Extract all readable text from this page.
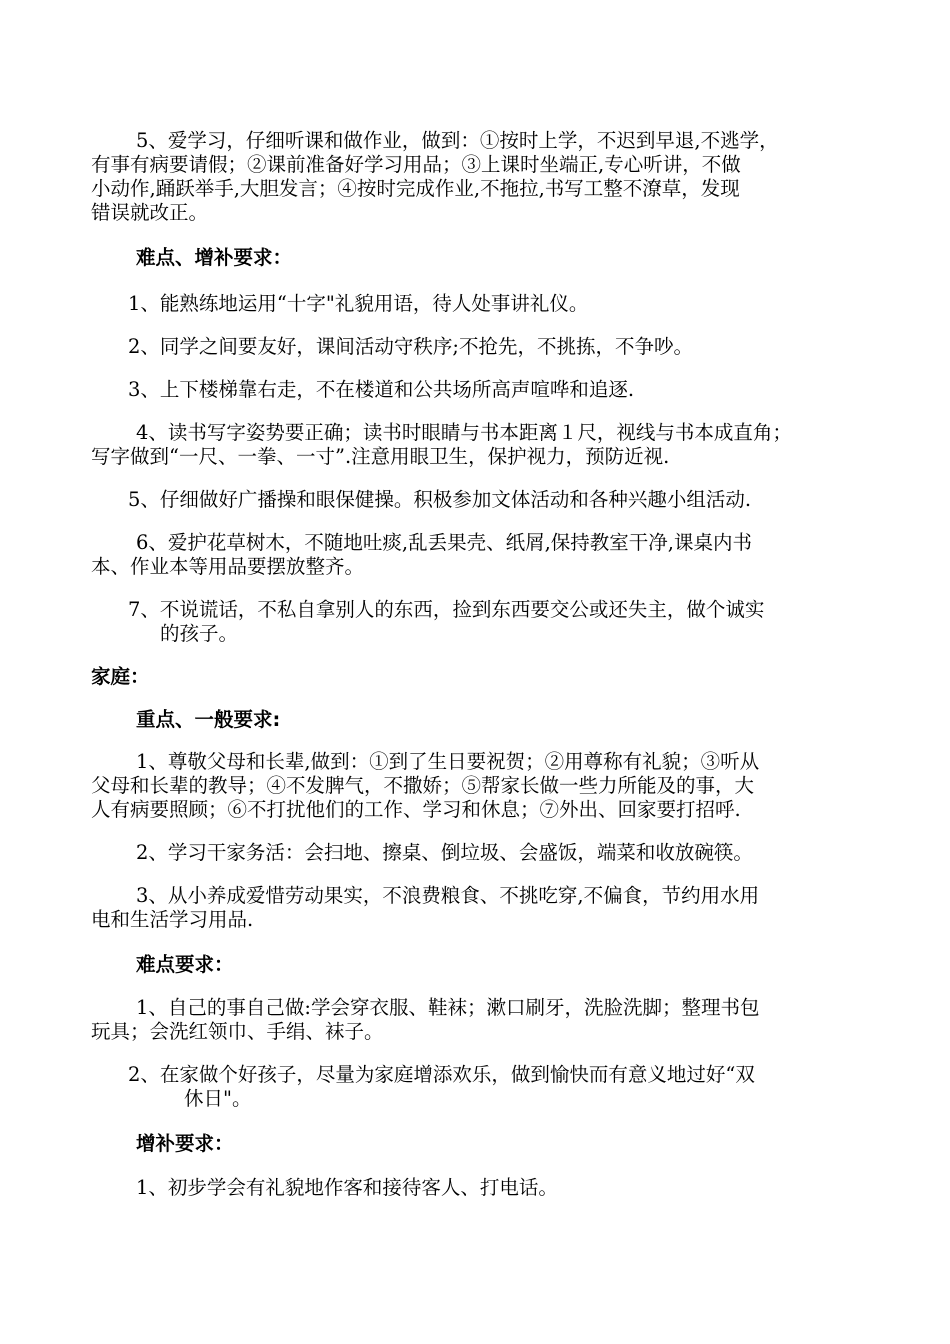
5、爱学习，仔细听课和做作业，做到：①按时上学，不迟到早退,不逃学，

有事有病要请假；②课前准备好学习用品；③上课时坐端正,专心听讲，不做

小动作,踊跃举手,大胆发言；④按时完成作业,不拖拉,书写工整不潦草，发现

错误就改正。

难点、增补要求：

1、能熟练地运用“十字"礼貌用语，待人处事讲礼仪。

2、同学之间要友好，课间活动守秩序;不抢先，不挑拣，不争吵。

3、上下楼梯靠右走，不在楼道和公共场所高声喧哗和追逐.

4、读书写字姿势要正确；读书时眼睛与书本距离１尺，视线与书本成直角；

写字做到“一尺、一拳、一寸”.注意用眼卫生，保护视力，预防近视.

5、仔细做好广播操和眼保健操。积极参加文体活动和各种兴趣小组活动.

6、爱护花草树木，不随地吐痰,乱丢果壳、纸屑,保持教室干净,课桌内书

本、作业本等用品要摆放整齐。

7、不说谎话，不私自拿别人的东西，捡到东西要交公或还失主，做个诚实

的孩子。

家庭：

重点、一般要求:

1、尊敬父母和长辈,做到：①到了生日要祝贺；②用尊称有礼貌；③听从

父母和长辈的教导；④不发脾气，不撒娇；⑤帮家长做一些力所能及的事，大

人有病要照顾；⑥不打扰他们的工作、学习和休息；⑦外出、回家要打招呼.

2、学习干家务活：会扫地、擦桌、倒垃圾、会盛饭，端菜和收放碗筷。

3、从小养成爱惜劳动果实，不浪费粮食、不挑吃穿,不偏食，节约用水用

电和生活学习用品.

难点要求：

1、自己的事自己做:学会穿衣服、鞋袜；漱口刷牙，洗脸洗脚；整理书包

玩具；会洗红领巾、手绢、袜子。

2、在家做个好孩子，尽量为家庭增添欢乐，做到愉快而有意义地过好“双

休日"。

增补要求：

1、初步学会有礼貌地作客和接待客人、打电话。
